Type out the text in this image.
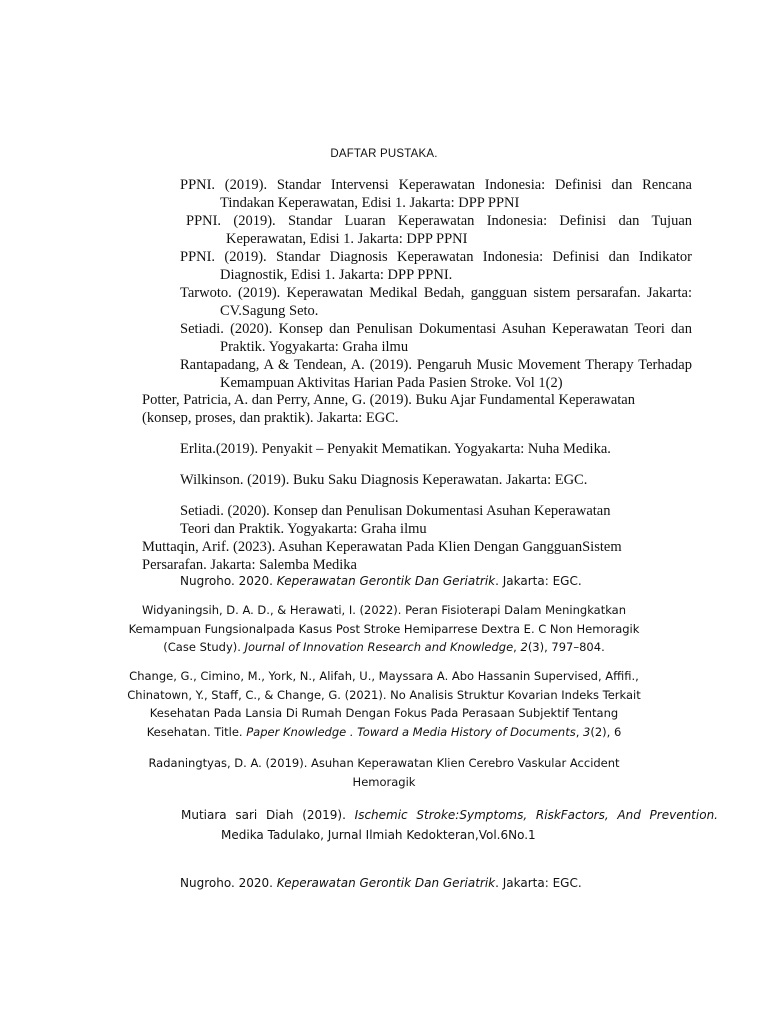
DAFTAR PUSTAKA.

PPNI. (2019). Standar Intervensi Keperawatan Indonesia: Definisi dan Rencana Tindakan Keperawatan, Edisi 1. Jakarta: DPP PPNI

PPNI. (2019). Standar Luaran Keperawatan Indonesia: Definisi dan Tujuan Keperawatan, Edisi 1. Jakarta: DPP PPNI

PPNI. (2019). Standar Diagnosis Keperawatan Indonesia: Definisi dan Indikator Diagnostik, Edisi 1. Jakarta: DPP PPNI.

Tarwoto. (2019). Keperawatan Medikal Bedah, gangguan sistem persarafan. Jakarta: CV.Sagung Seto.

Setiadi. (2020). Konsep dan Penulisan Dokumentasi Asuhan Keperawatan Teori dan Praktik. Yogyakarta: Graha ilmu

Rantapadang, A & Tendean, A. (2019). Pengaruh Music Movement Therapy Terhadap Kemampuan Aktivitas Harian Pada Pasien Stroke. Vol 1(2)

Potter, Patricia, A. dan Perry, Anne, G. (2019). Buku Ajar Fundamental Keperawatan
(konsep, proses, dan praktik). Jakarta: EGC.

Erlita.(2019). Penyakit – Penyakit Mematikan. Yogyakarta: Nuha Medika.

Wilkinson. (2019). Buku Saku Diagnosis Keperawatan. Jakarta: EGC.

Setiadi. (2020). Konsep dan Penulisan Dokumentasi Asuhan Keperawatan
Teori dan Praktik. Yogyakarta: Graha ilmu
Muttaqin, Arif. (2023). Asuhan Keperawatan Pada Klien Dengan GangguanSistem
Persarafan. Jakarta: Salemba Medika

Nugroho. 2020. Keperawatan Gerontik Dan Geriatrik. Jakarta: EGC.

Widyaningsih, D. A. D., & Herawati, I. (2022). Peran Fisioterapi Dalam Meningkatkan
Kemampuan Fungsionalpada Kasus Post Stroke Hemiparrese Dextra E. C Non Hemoragik
(Case Study). Journal of Innovation Research and Knowledge, 2(3), 797–804.
Change, G., Cimino, M., York, N., Alifah, U., Mayssara A. Abo Hassanin Supervised, Affifi.,
Chinatown, Y., Staff, C., & Change, G. (2021). No Analisis Struktur Kovarian Indeks Terkait
Kesehatan Pada Lansia Di Rumah Dengan Fokus Pada Perasaan Subjektif Tentang
Kesehatan. Title. Paper Knowledge . Toward a Media History of Documents, 3(2), 6
Radaningtyas, D. A. (2019). Asuhan Keperawatan Klien Cerebro Vaskular Accident
Hemoragik

Mutiara sari Diah (2019). Ischemic Stroke:Symptoms, RiskFactors, And Prevention. Medika Tadulako, Jurnal Ilmiah Kedokteran,Vol.6No.1

Nugroho. 2020. Keperawatan Gerontik Dan Geriatrik. Jakarta: EGC.
